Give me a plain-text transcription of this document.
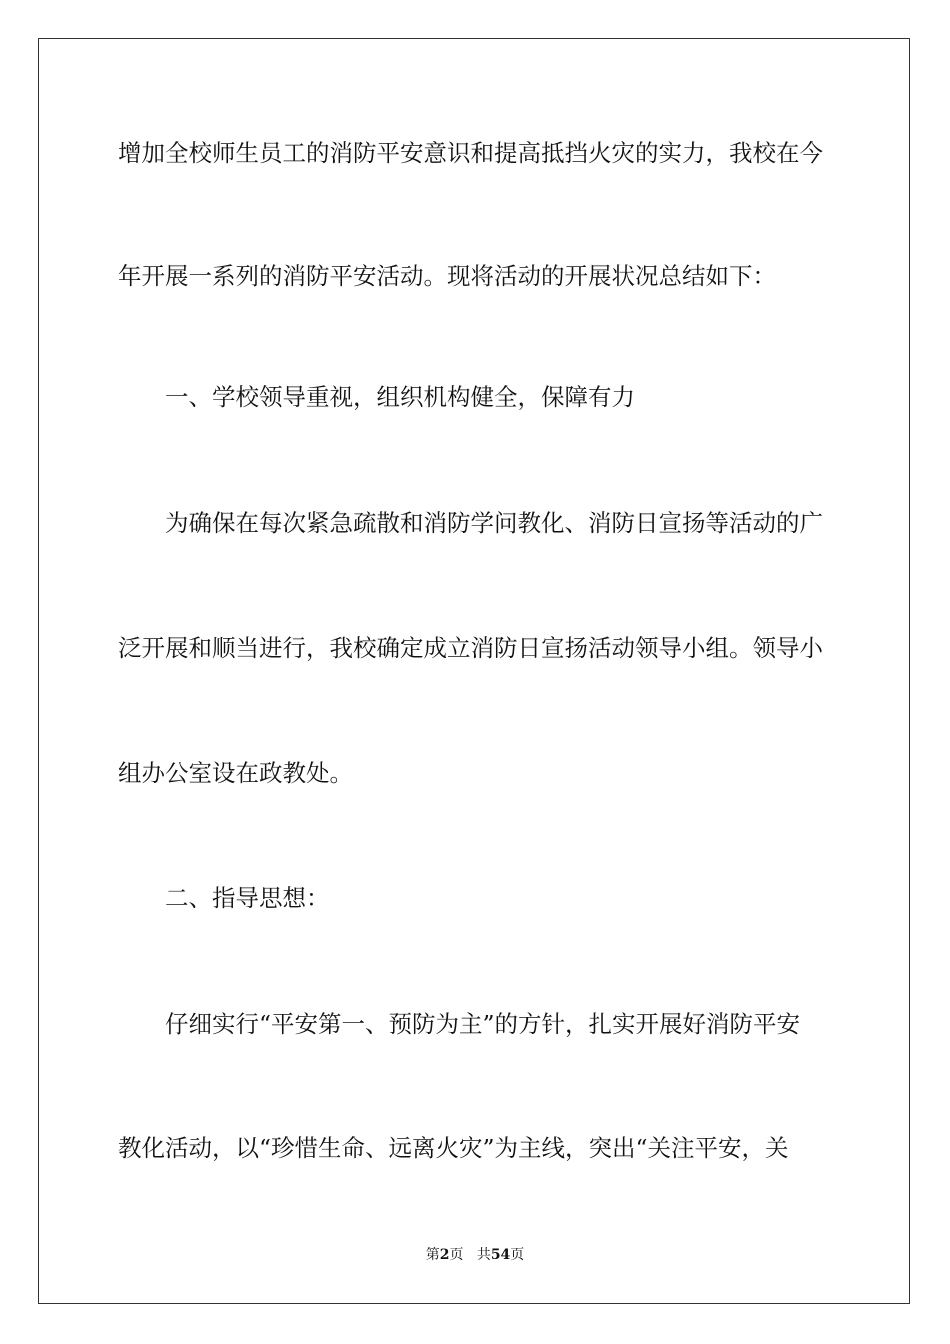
增加全校师生员工的消防平安意识和提高抵挡火灾的实力，我校在今
年开展一系列的消防平安活动。现将活动的开展状况总结如下：
一、学校领导重视，组织机构健全，保障有力
为确保在每次紧急疏散和消防学问教化、消防日宣扬等活动的广
泛开展和顺当进行，我校确定成立消防日宣扬活动领导小组。领导小
组办公室设在政教处。
二、指导思想：
仔细实行“平安第一、预防为主”的方针，扎实开展好消防平安
教化活动，以“珍惜生命、远离火灾”为主线，突出“关注平安，关
第2页 共54页
